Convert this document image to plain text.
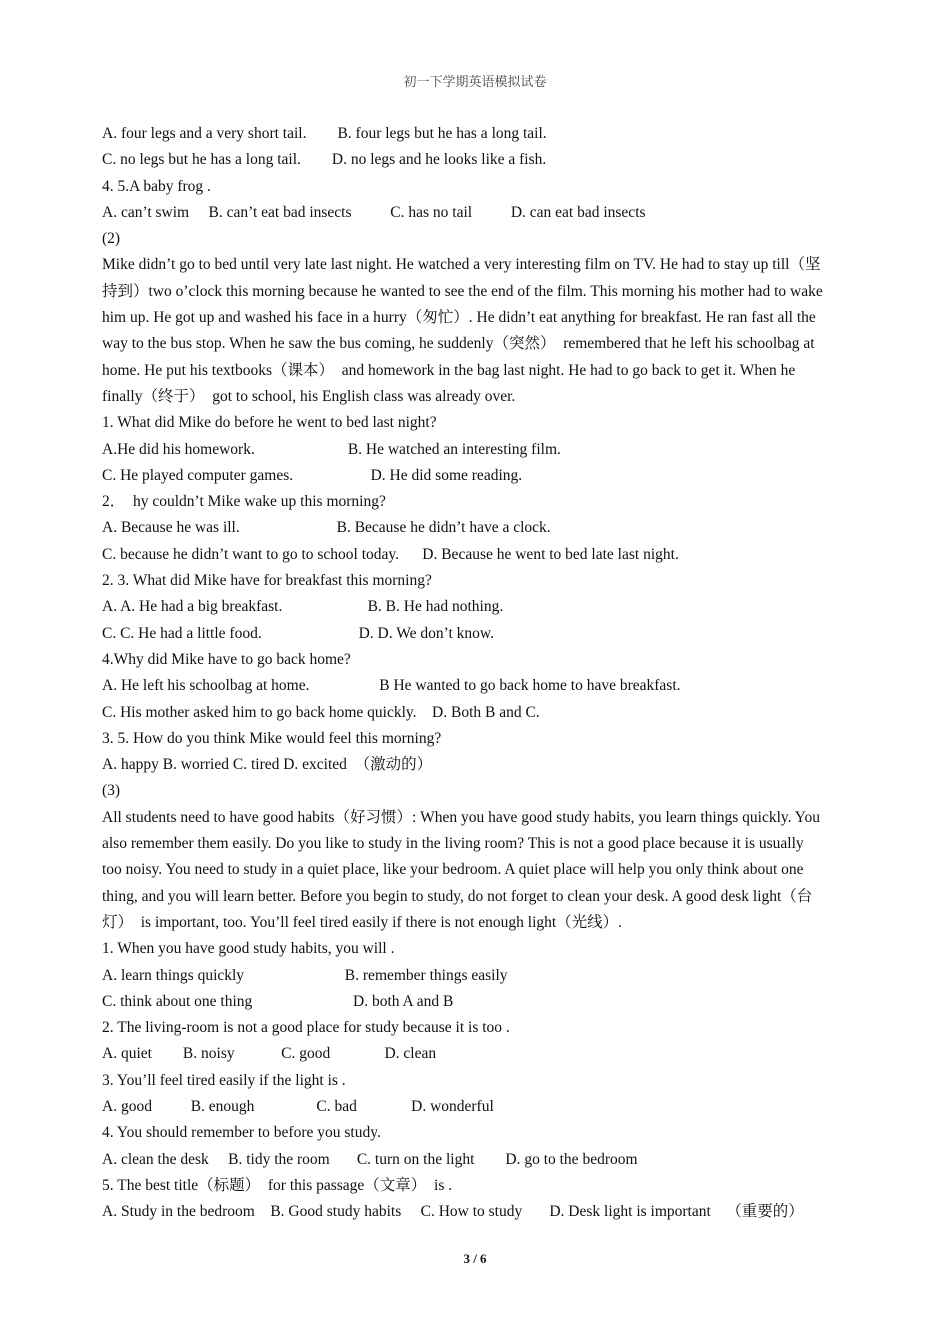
初一下学期英语模拟试卷
A. four legs and a very short tail.        B. four legs but he has a long tail.
C. no legs but he has a long tail.        D. no legs and he looks like a fish.
4. 5.A baby frog .
A. can’t swim     B. can’t eat bad insects          C. has no tail          D. can eat bad insects
(2)
Mike didn’t go to bed until very late last night. He watched a very interesting film on TV. He had to stay up till（坚
持到）two o’clock this morning because he wanted to see the end of the film. This morning his mother had to wake
him up. He got up and washed his face in a hurry（匆忙）. He didn’t eat anything for breakfast. He ran fast all the
way to the bus stop. When he saw the bus coming, he suddenly（突然）  remembered that he left his schoolbag at
home. He put his textbooks（课本）  and homework in the bag last night. He had to go back to get it. When he
finally（终于）  got to school, his English class was already over.
1. What did Mike do before he went to bed last night?
A.He did his homework.                        B. He watched an interesting film.
C. He played computer games.                    D. He did some reading.
2．  hy couldn’t Mike wake up this morning?
A. Because he was ill.                         B. Because he didn’t have a clock.
C. because he didn’t want to go to school today.      D. Because he went to bed late last night.
2. 3. What did Mike have for breakfast this morning?
A. A. He had a big breakfast.                      B. B. He had nothing.
C. C. He had a little food.                         D. D. We don’t know.
4.Why did Mike have to go back home?
A. He left his schoolbag at home.                  B He wanted to go back home to have breakfast.
C. His mother asked him to go back home quickly.    D. Both B and C.
3. 5. How do you think Mike would feel this morning?
A. happy B. worried C. tired D. excited  （激动的）
(3)
All students need to have good habits（好习惯）: When you have good study habits, you learn things quickly. You
also remember them easily. Do you like to study in the living room? This is not a good place because it is usually
too noisy. You need to study in a quiet place, like your bedroom. A quiet place will help you only think about one
thing, and you will learn better. Before you begin to study, do not forget to clean your desk. A good desk light（台
灯）  is important, too. You’ll feel tired easily if there is not enough light（光线）.
1. When you have good study habits, you will .
A. learn things quickly                          B. remember things easily
C. think about one thing                          D. both A and B
2. The living-room is not a good place for study because it is too .
A. quiet        B. noisy            C. good              D. clean
3. You’ll feel tired easily if the light is .
A. good          B. enough                C. bad              D. wonderful
4. You should remember to before you study.
A. clean the desk     B. tidy the room       C. turn on the light        D. go to the bedroom
5. The best title（标题）  for this passage（文章）  is .
A. Study in the bedroom    B. Good study habits     C. How to study       D. Desk light is important    （重要的）
3 / 6
